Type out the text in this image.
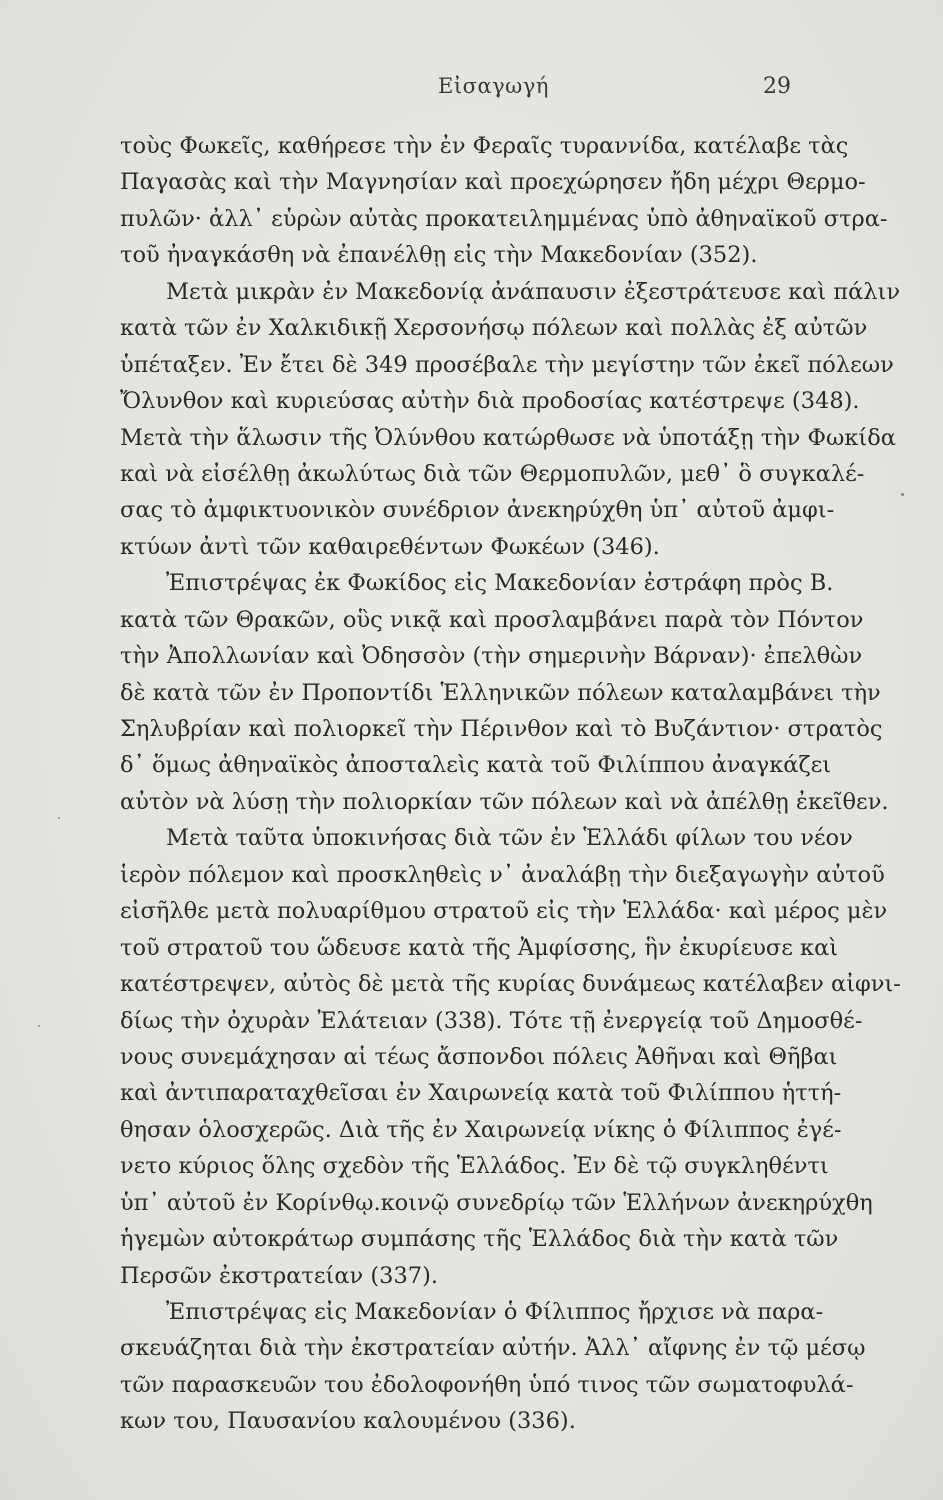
Εἰσαγωγή	29
τοὺς Φωκεῖς, καθήρεσε τὴν ἐν Φεραῖς τυραννίδα, κατέλαβε τὰς
Παγασὰς καὶ τὴν Μαγνησίαν καὶ προεχώρησεν ἤδη μέχρι Θερμο-
πυλῶν· ἀλλ᾽ εὑρὼν αὐτὰς προκατειλημμένας ὑπὸ ἀθηναϊκοῦ στρα-
τοῦ ἠναγκάσθη νὰ ἐπανέλθῃ εἰς τὴν Μακεδονίαν (352).
Μετὰ μικρὰν ἐν Μακεδονίᾳ ἀνάπαυσιν ἐξεστράτευσε καὶ πάλιν
κατὰ τῶν ἐν Χαλκιδικῇ Χερσονήσῳ πόλεων καὶ πολλὰς ἐξ αὐτῶν
ὑπέταξεν. Ἐν ἔτει δὲ 349 προσέβαλε τὴν μεγίστην τῶν ἐκεῖ πόλεων
Ὄλυνθον καὶ κυριεύσας αὐτὴν διὰ προδοσίας κατέστρεψε (348).
Μετὰ τὴν ἅλωσιν τῆς Ὀλύνθου κατώρθωσε νὰ ὑποτάξῃ τὴν Φωκίδα
καὶ νὰ εἰσέλθῃ ἀκωλύτως διὰ τῶν Θερμοπυλῶν, μεθ᾽ ὃ συγκαλέ-
σας τὸ ἀμφικτυονικὸν συνέδριον ἀνεκηρύχθη ὑπ᾽ αὐτοῦ ἀμφι-
κτύων ἀντὶ τῶν καθαιρεθέντων Φωκέων (346).
Ἐπιστρέψας ἐκ Φωκίδος εἰς Μακεδονίαν ἐστράφη πρὸς Β.
κατὰ τῶν Θρακῶν, οὓς νικᾷ καὶ προσλαμβάνει παρὰ τὸν Πόντον
τὴν Ἀπολλωνίαν καὶ Ὀδησσὸν (τὴν σημερινὴν Βάρναν)· ἐπελθὼν
δὲ κατὰ τῶν ἐν Προποντίδι Ἑλληνικῶν πόλεων καταλαμβάνει τὴν
Σηλυβρίαν καὶ πολιορκεῖ τὴν Πέρινθον καὶ τὸ Βυζάντιον· στρατὸς
δ᾽ ὅμως ἀθηναϊκὸς ἀποσταλεὶς κατὰ τοῦ Φιλίππου ἀναγκάζει
αὐτὸν νὰ λύσῃ τὴν πολιορκίαν τῶν πόλεων καὶ νὰ ἀπέλθῃ ἐκεῖθεν.
Μετὰ ταῦτα ὑποκινήσας διὰ τῶν ἐν Ἑλλάδι φίλων του νέον
ἱερὸν πόλεμον καὶ προσκληθεὶς ν᾽ ἀναλάβῃ τὴν διεξαγωγὴν αὐτοῦ
εἰσῆλθε μετὰ πολυαρίθμου στρατοῦ εἰς τὴν Ἑλλάδα· καὶ μέρος μὲν
τοῦ στρατοῦ του ὥδευσε κατὰ τῆς Ἀμφίσσης, ἣν ἐκυρίευσε καὶ
κατέστρεψεν, αὐτὸς δὲ μετὰ τῆς κυρίας δυνάμεως κατέλαβεν αἰφνι-
δίως τὴν ὀχυρὰν Ἐλάτειαν (338). Τότε τῇ ἐνεργείᾳ τοῦ Δημοσθέ-
νους συνεμάχησαν αἱ τέως ἄσπονδοι πόλεις Ἀθῆναι καὶ Θῆβαι
καὶ ἀντιπαραταχθεῖσαι ἐν Χαιρωνείᾳ κατὰ τοῦ Φιλίππου ἡττή-
θησαν ὁλοσχερῶς. Διὰ τῆς ἐν Χαιρωνείᾳ νίκης ὁ Φίλιππος ἐγέ-
νετο κύριος ὅλης σχεδὸν τῆς Ἑλλάδος. Ἐν δὲ τῷ συγκληθέντι
ὑπ᾽ αὐτοῦ ἐν Κορίνθῳ.κοινῷ συνεδρίῳ τῶν Ἑλλήνων ἀνεκηρύχθη
ἡγεμὼν αὐτοκράτωρ συμπάσης τῆς Ἑλλάδος διὰ τὴν κατὰ τῶν
Περσῶν ἐκστρατείαν (337).
Ἐπιστρέψας εἰς Μακεδονίαν ὁ Φίλιππος ἤρχισε νὰ παρα-
σκευάζηται διὰ τὴν ἐκστρατείαν αὐτήν. Ἀλλ᾽ αἴφνης ἐν τῷ μέσῳ
τῶν παρασκευῶν του ἐδολοφονήθη ὑπό τινος τῶν σωματοφυλά-
κων του, Παυσανίου καλουμένου (336).
